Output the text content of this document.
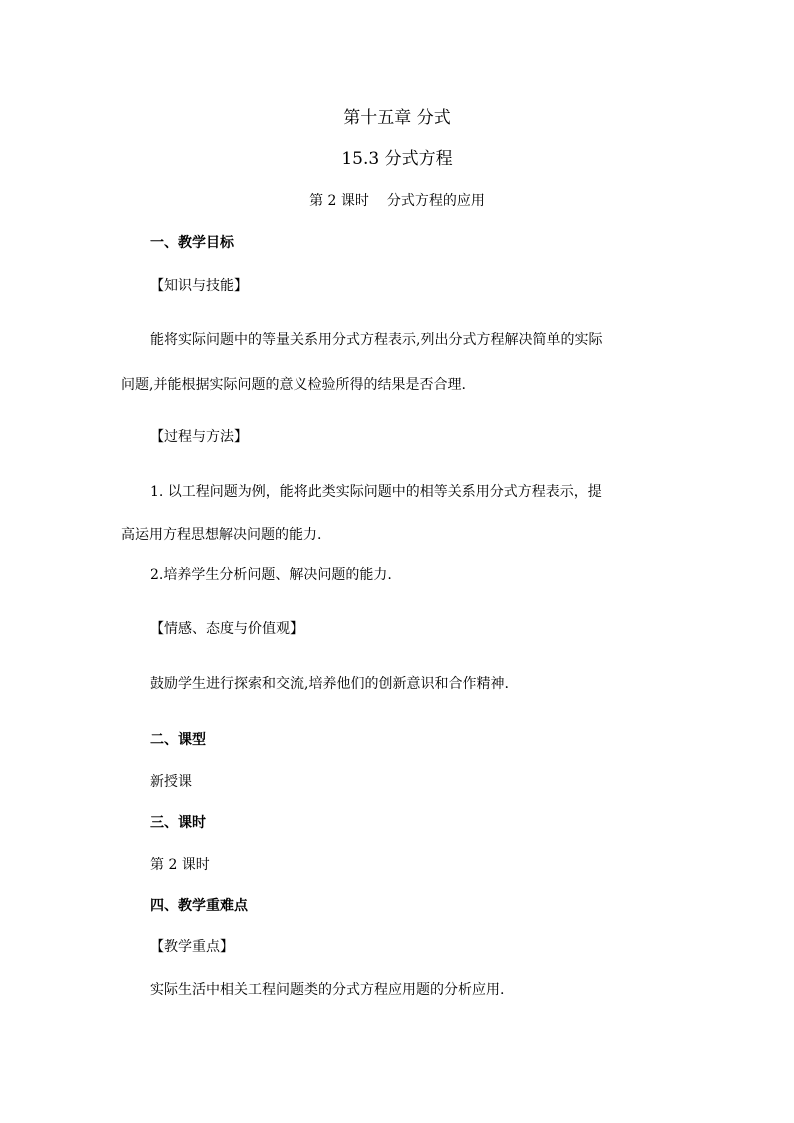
第十五章 分式
15.3 分式方程
第 2 课时 分式方程的应用
一、教学目标
【知识与技能】
能将实际问题中的等量关系用分式方程表示,列出分式方程解决简单的实际
问题,并能根据实际问题的意义检验所得的结果是否合理.
【过程与方法】
1. 以工程问题为例，能将此类实际问题中的相等关系用分式方程表示，提
高运用方程思想解决问题的能力.
2.培养学生分析问题、解决问题的能力.
【情感、态度与价值观】
鼓励学生进行探索和交流,培养他们的创新意识和合作精神.
二、课型
新授课
三、课时
第 2 课时
四、教学重难点
【教学重点】
实际生活中相关工程问题类的分式方程应用题的分析应用.
